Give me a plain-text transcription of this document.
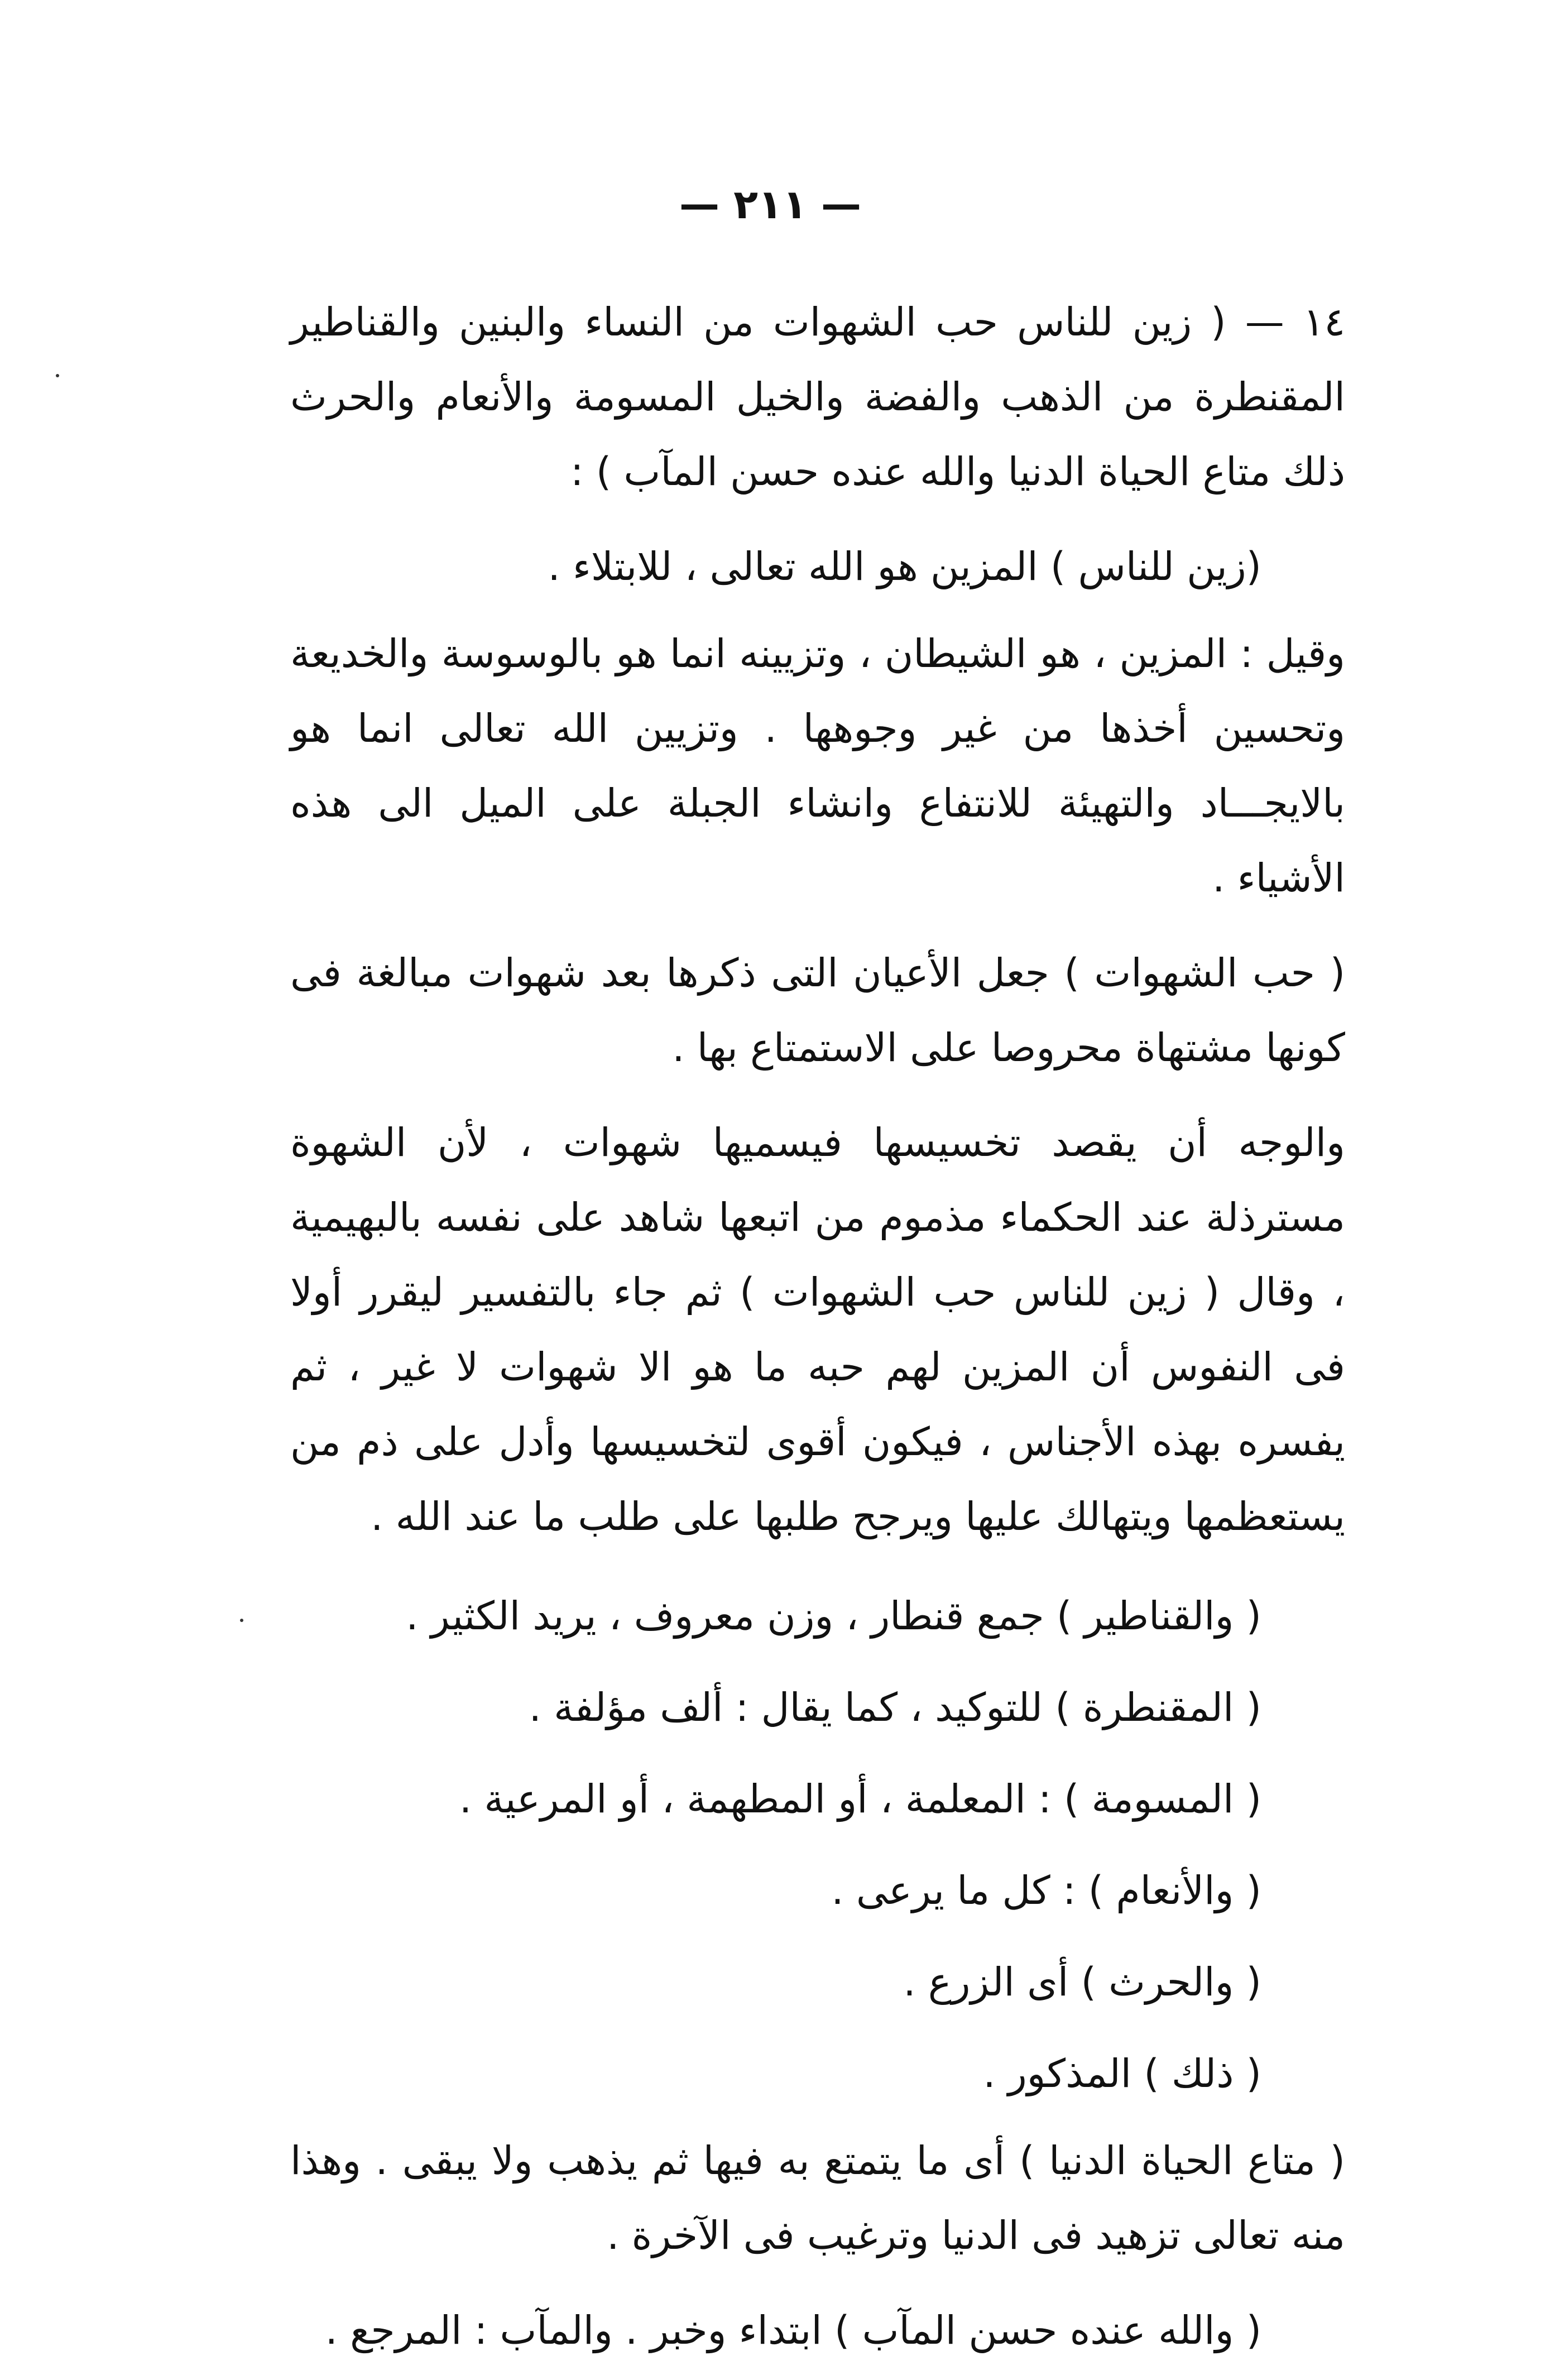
— ٢١١ —

١٤ — ( زين للناس حب الشهوات من النساء والبنين والقناطير المقنطرة من الذهب والفضة والخيل المسومة والأنعام والحرث ذلك متاع الحياة الدنيا والله عنده حسن المآب ) :

(زين للناس ) المزين هو الله تعالى ، للابتلاء .

وقيل : المزين ، هو الشيطان ، وتزيينه انما هو بالوسوسة والخديعة وتحسين أخذها من غير وجوهها . وتزيين الله تعالى انما هو بالايجـــاد والتهيئة للانتفاع وانشاء الجبلة على الميل الى هذه الأشياء .

( حب الشهوات ) جعل الأعيان التى ذكرها بعد شهوات مبالغة فى كونها مشتهاة محروصا على الاستمتاع بها .

والوجه أن يقصد تخسيسها فيسميها شهوات ، لأن الشهوة مسترذلة عند الحكماء مذموم من اتبعها شاهد على نفسه بالبهيمية ، وقال ( زين للناس حب الشهوات ) ثم جاء بالتفسير ليقرر أولا فى النفوس أن المزين لهم حبه ما هو الا شهوات لا غير ، ثم يفسره بهذه الأجناس ، فيكون أقوى لتخسيسها وأدل على ذم من يستعظمها ويتهالك عليها ويرجح طلبها على طلب ما عند الله .

( والقناطير ) جمع قنطار ، وزن معروف ، يريد الكثير .

( المقنطرة ) للتوكيد ، كما يقال : ألف مؤلفة .

( المسومة ) : المعلمة ، أو المطهمة ، أو المرعية .

( والأنعام ) : كل ما يرعى .

( والحرث ) أى الزرع .

( ذلك ) المذكور .

( متاع الحياة الدنيا ) أى ما يتمتع به فيها ثم يذهب ولا يبقى . وهذا منه تعالى تزهيد فى الدنيا وترغيب فى الآخرة .

( والله عنده حسن المآب ) ابتداء وخبر . والمآب : المرجع .
